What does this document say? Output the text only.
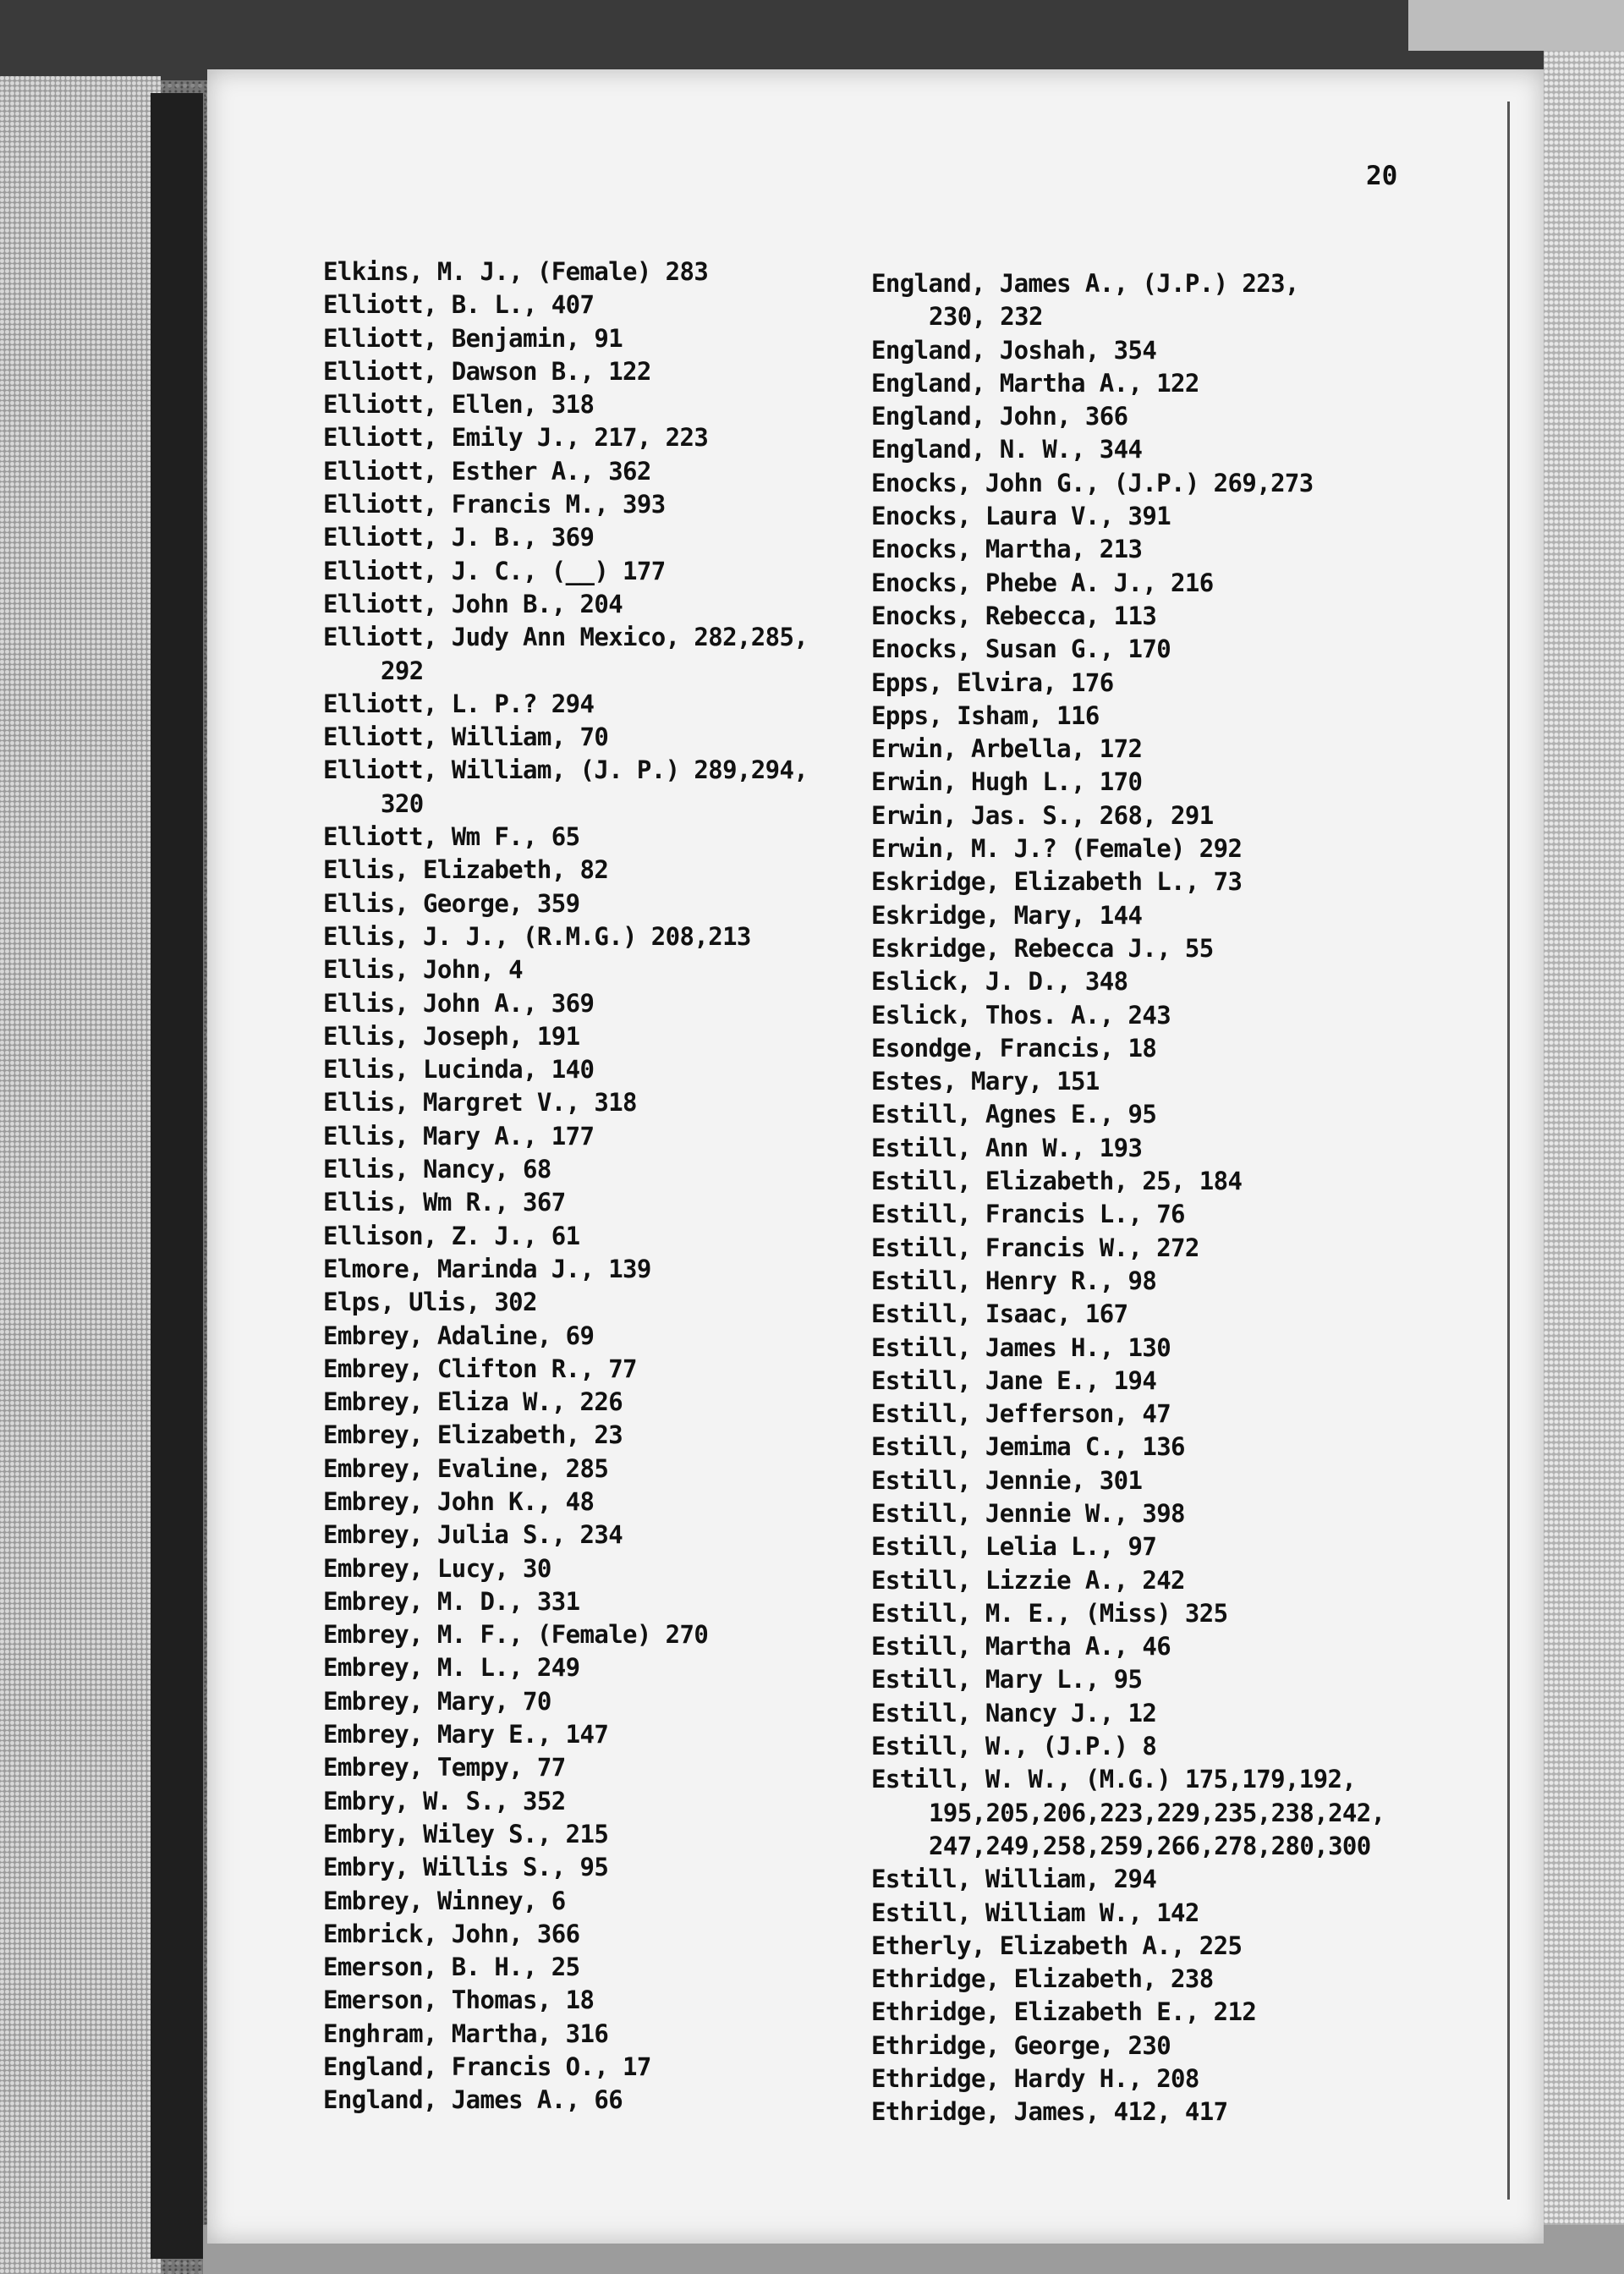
20
Elkins, M. J., (Female) 283
Elliott, B. L., 407
Elliott, Benjamin, 91
Elliott, Dawson B., 122
Elliott, Ellen, 318
Elliott, Emily J., 217, 223
Elliott, Esther A., 362
Elliott, Francis M., 393
Elliott, J. B., 369
Elliott, J. C., (__) 177
Elliott, John B., 204
Elliott, Judy Ann Mexico, 282,285,
292
Elliott, L. P.? 294
Elliott, William, 70
Elliott, William, (J. P.) 289,294,
320
Elliott, Wm F., 65
Ellis, Elizabeth, 82
Ellis, George, 359
Ellis, J. J., (R.M.G.) 208,213
Ellis, John, 4
Ellis, John A., 369
Ellis, Joseph, 191
Ellis, Lucinda, 140
Ellis, Margret V., 318
Ellis, Mary A., 177
Ellis, Nancy, 68
Ellis, Wm R., 367
Ellison, Z. J., 61
Elmore, Marinda J., 139
Elps, Ulis, 302
Embrey, Adaline, 69
Embrey, Clifton R., 77
Embrey, Eliza W., 226
Embrey, Elizabeth, 23
Embrey, Evaline, 285
Embrey, John K., 48
Embrey, Julia S., 234
Embrey, Lucy, 30
Embrey, M. D., 331
Embrey, M. F., (Female) 270
Embrey, M. L., 249
Embrey, Mary, 70
Embrey, Mary E., 147
Embrey, Tempy, 77
Embry, W. S., 352
Embry, Wiley S., 215
Embry, Willis S., 95
Embrey, Winney, 6
Embrick, John, 366
Emerson, B. H., 25
Emerson, Thomas, 18
Enghram, Martha, 316
England, Francis O., 17
England, James A., 66
England, James A., (J.P.) 223,
230, 232
England, Joshah, 354
England, Martha A., 122
England, John, 366
England, N. W., 344
Enocks, John G., (J.P.) 269,273
Enocks, Laura V., 391
Enocks, Martha, 213
Enocks, Phebe A. J., 216
Enocks, Rebecca, 113
Enocks, Susan G., 170
Epps, Elvira, 176
Epps, Isham, 116
Erwin, Arbella, 172
Erwin, Hugh L., 170
Erwin, Jas. S., 268, 291
Erwin, M. J.? (Female) 292
Eskridge, Elizabeth L., 73
Eskridge, Mary, 144
Eskridge, Rebecca J., 55
Eslick, J. D., 348
Eslick, Thos. A., 243
Esondge, Francis, 18
Estes, Mary, 151
Estill, Agnes E., 95
Estill, Ann W., 193
Estill, Elizabeth, 25, 184
Estill, Francis L., 76
Estill, Francis W., 272
Estill, Henry R., 98
Estill, Isaac, 167
Estill, James H., 130
Estill, Jane E., 194
Estill, Jefferson, 47
Estill, Jemima C., 136
Estill, Jennie, 301
Estill, Jennie W., 398
Estill, Lelia L., 97
Estill, Lizzie A., 242
Estill, M. E., (Miss) 325
Estill, Martha A., 46
Estill, Mary L., 95
Estill, Nancy J., 12
Estill, W., (J.P.) 8
Estill, W. W., (M.G.) 175,179,192,
195,205,206,223,229,235,238,242,
247,249,258,259,266,278,280,300
Estill, William, 294
Estill, William W., 142
Etherly, Elizabeth A., 225
Ethridge, Elizabeth, 238
Ethridge, Elizabeth E., 212
Ethridge, George, 230
Ethridge, Hardy H., 208
Ethridge, James, 412, 417
